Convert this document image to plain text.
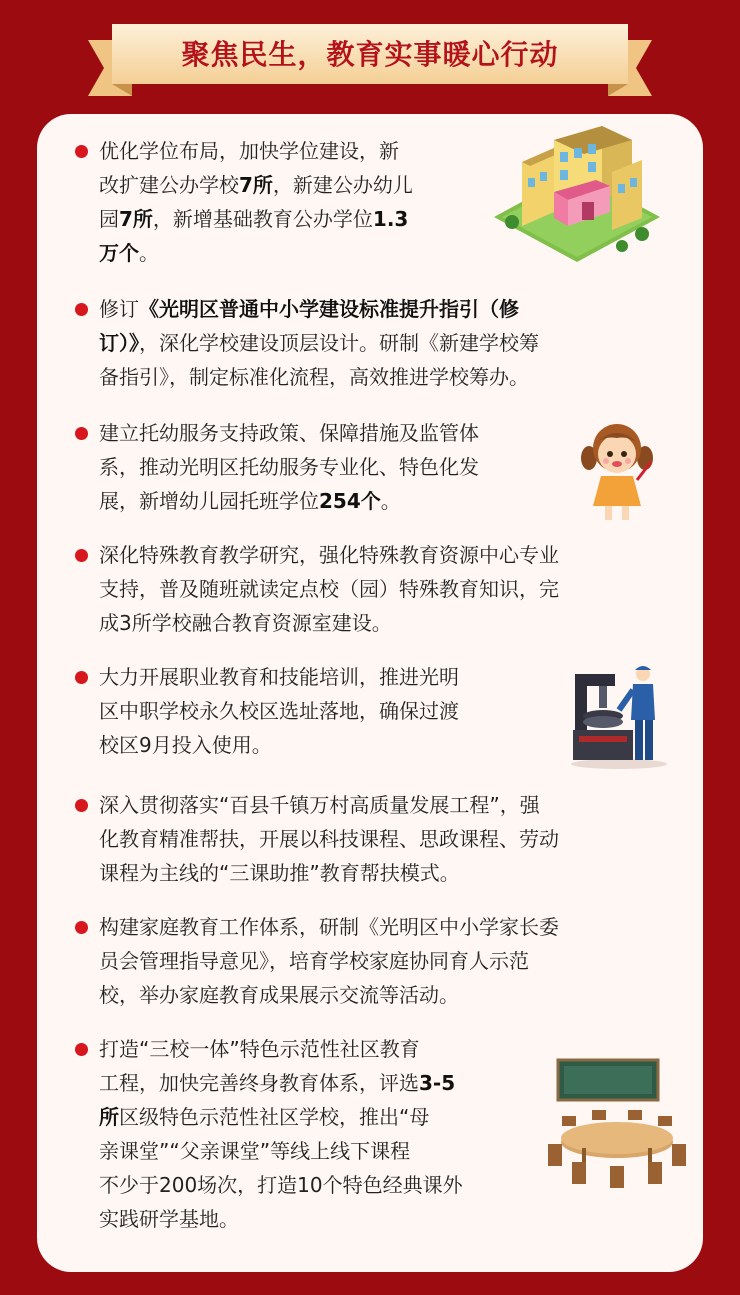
聚焦民生，教育实事暖心行动

优化学位布局，加快学位建设，新

改扩建公办学校7所，新建公办幼儿

园7所，新增基础教育公办学位1.3

万个。

修订《光明区普通中小学建设标准提升指引（修

订）》，深化学校建设顶层设计。研制《新建学校筹

备指引》，制定标准化流程，高效推进学校筹办。

建立托幼服务支持政策、保障措施及监管体

系，推动光明区托幼服务专业化、特色化发

展，新增幼儿园托班学位254个。

深化特殊教育教学研究，强化特殊教育资源中心专业

支持，普及随班就读定点校（园）特殊教育知识，完

成3所学校融合教育资源室建设。

大力开展职业教育和技能培训，推进光明

区中职学校永久校区选址落地，确保过渡

校区9月投入使用。

深入贯彻落实“百县千镇万村高质量发展工程”，强

化教育精准帮扶，开展以科技课程、思政课程、劳动

课程为主线的“三课助推”教育帮扶模式。

构建家庭教育工作体系，研制《光明区中小学家长委

员会管理指导意见》，培育学校家庭协同育人示范

校，举办家庭教育成果展示交流等活动。

打造“三校一体”特色示范性社区教育

工程，加快完善终身教育体系，评选3-5

所区级特色示范性社区学校，推出“母

亲课堂”“父亲课堂”等线上线下课程

不少于200场次，打造10个特色经典课外

实践研学基地。
